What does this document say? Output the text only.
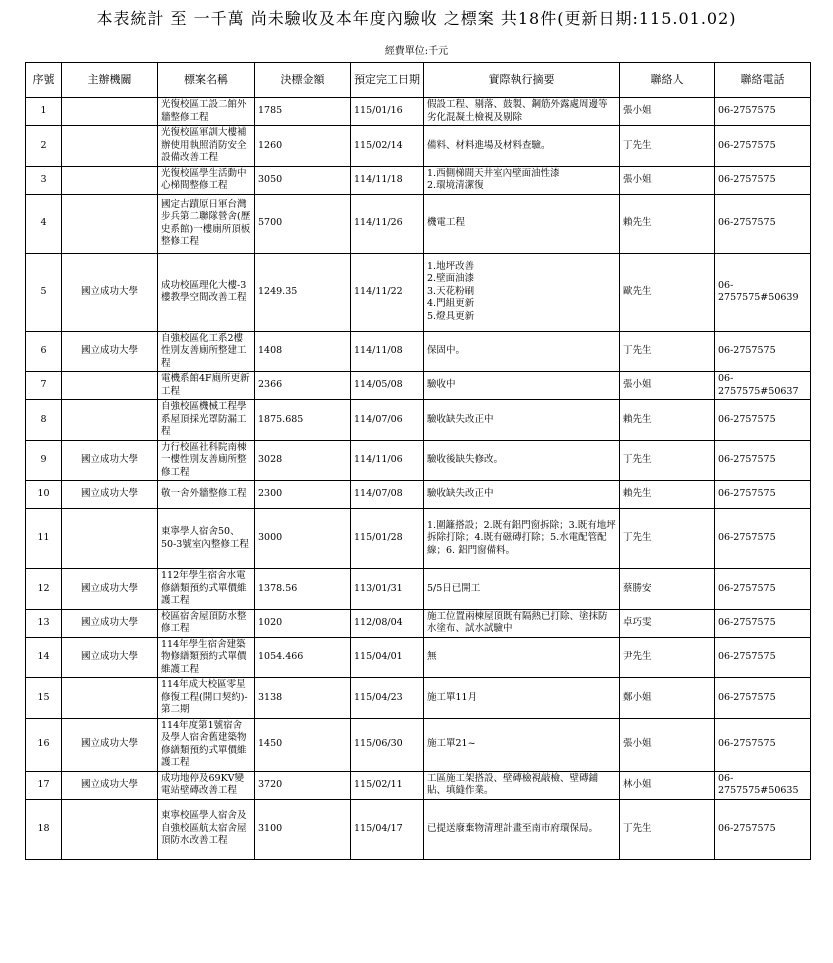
本表統計 至 一千萬 尚未驗收及本年度內驗收 之標案 共18件(更新日期:115.01.02)
經費單位:千元
序號	主辦機關	標案名稱	決標金額	預定完工日期	實際執行摘要	聯絡人	聯絡電話
1		光復校區工設二館外牆整修工程	1785	115/01/16	假設工程、剔落、鼓製、鋼筋外露處周邊等劣化混凝土檢視及剔除	張小姐	06-2757575
2		光復校區軍訓大樓補辦使用執照消防安全設備改善工程	1260	115/02/14	備料、材料進場及材料查驗。	丁先生	06-2757575
3		光復校區學生活動中心梯間整修工程	3050	114/11/18	1.西側梯間天井室內壁面油性漆
2.環境清潔復	張小姐	06-2757575
4		國定古蹟原日軍台灣步兵第二聯隊營舍(歷史系館)一樓廁所頂板整修工程	5700	114/11/26	機電工程	賴先生	06-2757575
5	國立成功大學	成功校區理化大樓-3樓教學空間改善工程	1249.35	114/11/22	1.地坪改善
2.壁面油漆
3.天花粉刷
4.門組更新
5.燈具更新	歐先生	06-2757575#50639
6	國立成功大學	自強校區化工系2樓性別友善廁所整建工程	1408	114/11/08	保固中。	丁先生	06-2757575
7		電機系館4F廁所更新工程	2366	114/05/08	驗收中	張小姐	06-2757575#50637
8		自強校區機械工程學系屋頂採光罩防漏工程	1875.685	114/07/06	驗收缺失改正中	賴先生	06-2757575
9	國立成功大學	力行校區社科院南棟一樓性別友善廁所整修工程	3028	114/11/06	驗收後缺失修改。	丁先生	06-2757575
10	國立成功大學	敬一舍外牆整修工程	2300	114/07/08	驗收缺失改正中	賴先生	06-2757575
11		東寧學人宿舍50、50-3號室內整修工程	3000	115/01/28	1.圍籬搭設；2.既有鋁門窗拆除；3.既有地坪拆除打除；4.既有磁磚打除；5.水電配管配線；6. 鋁門窗備料。	丁先生	06-2757575
12	國立成功大學	112年學生宿舍水電修繕類預約式單價維護工程	1378.56	113/01/31	5/5日已開工	蔡勝安	06-2757575
13	國立成功大學	校區宿舍屋頂防水整修工程	1020	112/08/04	施工位置兩棟屋頂既有隔熱已打除、塗抹防水塗布、試水試驗中	卓巧雯	06-2757575
14	國立成功大學	114年學生宿舍建築物修繕類預約式單價維護工程	1054.466	115/04/01	無	尹先生	06-2757575
15		114年成大校區零星修復工程(開口契約)-第二期	3138	115/04/23	施工單11月	鄭小姐	06-2757575
16	國立成功大學	114年度第1號宿舍及學人宿舍舊建築物修繕類預約式單價維護工程	1450	115/06/30	施工單21~	張小姐	06-2757575
17	國立成功大學	成功地停及69KV變電站壁磚改善工程	3720	115/02/11	工區施工架搭設、壁磚檢視敲檢、壁磚鋪貼、填縫作業。	林小姐	06-2757575#50635
18		東寧校區學人宿舍及自強校區航太宿舍屋頂防水改善工程	3100	115/04/17	已提送廢棄物清理計畫至南市府環保局。	丁先生	06-2757575
